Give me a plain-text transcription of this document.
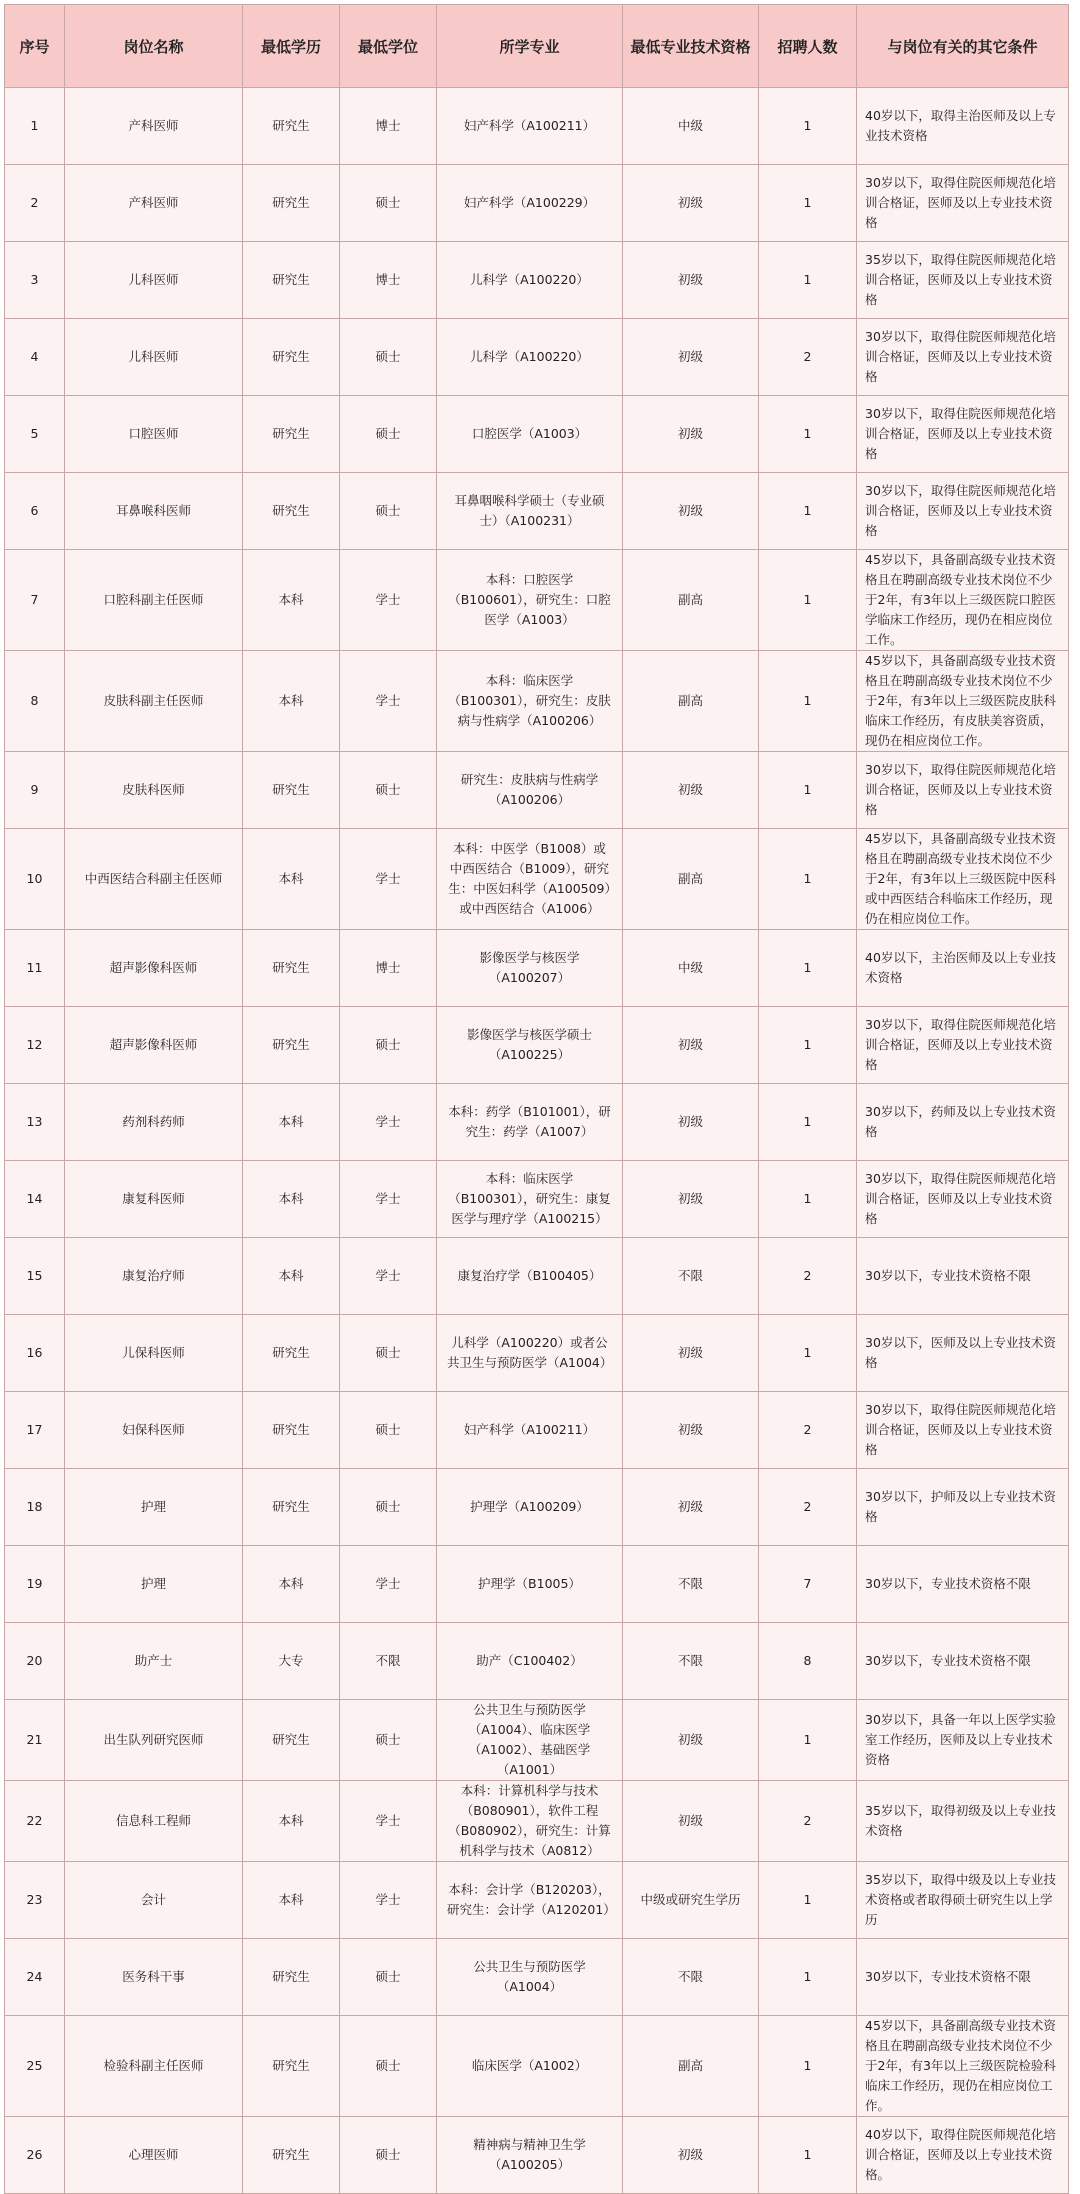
序号	岗位名称	最低学历	最低学位	所学专业	最低专业技术资格	招聘人数	与岗位有关的其它条件
1	产科医师	研究生	博士	妇产科学（A100211）	中级	1	40岁以下，取得主治医师及以上专业技术资格
2	产科医师	研究生	硕士	妇产科学（A100229）	初级	1	30岁以下，取得住院医师规范化培训合格证，医师及以上专业技术资格
3	儿科医师	研究生	博士	儿科学（A100220）	初级	1	35岁以下，取得住院医师规范化培训合格证，医师及以上专业技术资格
4	儿科医师	研究生	硕士	儿科学（A100220）	初级	2	30岁以下，取得住院医师规范化培训合格证，医师及以上专业技术资格
5	口腔医师	研究生	硕士	口腔医学（A1003）	初级	1	30岁以下，取得住院医师规范化培训合格证，医师及以上专业技术资格
6	耳鼻喉科医师	研究生	硕士	耳鼻咽喉科学硕士（专业硕士）（A100231）	初级	1	30岁以下，取得住院医师规范化培训合格证，医师及以上专业技术资格
7	口腔科副主任医师	本科	学士	本科：口腔医学（B100601），研究生：口腔医学（A1003）	副高	1	45岁以下，具备副高级专业技术资格且在聘副高级专业技术岗位不少于2年，有3年以上三级医院口腔医学临床工作经历，现仍在相应岗位工作。
8	皮肤科副主任医师	本科	学士	本科：临床医学（B100301），研究生：皮肤病与性病学（A100206）	副高	1	45岁以下，具备副高级专业技术资格且在聘副高级专业技术岗位不少于2年，有3年以上三级医院皮肤科临床工作经历，有皮肤美容资质，现仍在相应岗位工作。
9	皮肤科医师	研究生	硕士	研究生：皮肤病与性病学（A100206）	初级	1	30岁以下，取得住院医师规范化培训合格证，医师及以上专业技术资格
10	中西医结合科副主任医师	本科	学士	本科：中医学（B1008）或中西医结合（B1009），研究生：中医妇科学（A100509）或中西医结合（A1006）	副高	1	45岁以下，具备副高级专业技术资格且在聘副高级专业技术岗位不少于2年，有3年以上三级医院中医科或中西医结合科临床工作经历，现仍在相应岗位工作。
11	超声影像科医师	研究生	博士	影像医学与核医学（A100207）	中级	1	40岁以下，主治医师及以上专业技术资格
12	超声影像科医师	研究生	硕士	影像医学与核医学硕士（A100225）	初级	1	30岁以下，取得住院医师规范化培训合格证，医师及以上专业技术资格
13	药剂科药师	本科	学士	本科：药学（B101001），研究生：药学（A1007）	初级	1	30岁以下，药师及以上专业技术资格
14	康复科医师	本科	学士	本科：临床医学（B100301），研究生：康复医学与理疗学（A100215）	初级	1	30岁以下，取得住院医师规范化培训合格证，医师及以上专业技术资格
15	康复治疗师	本科	学士	康复治疗学（B100405）	不限	2	30岁以下，专业技术资格不限
16	儿保科医师	研究生	硕士	儿科学（A100220）或者公共卫生与预防医学（A1004）	初级	1	30岁以下，医师及以上专业技术资格
17	妇保科医师	研究生	硕士	妇产科学（A100211）	初级	2	30岁以下，取得住院医师规范化培训合格证，医师及以上专业技术资格
18	护理	研究生	硕士	护理学（A100209）	初级	2	30岁以下，护师及以上专业技术资格
19	护理	本科	学士	护理学（B1005）	不限	7	30岁以下，专业技术资格不限
20	助产士	大专	不限	助产（C100402）	不限	8	30岁以下，专业技术资格不限
21	出生队列研究医师	研究生	硕士	公共卫生与预防医学（A1004）、临床医学（A1002）、基础医学（A1001）	初级	1	30岁以下，具备一年以上医学实验室工作经历，医师及以上专业技术资格
22	信息科工程师	本科	学士	本科：计算机科学与技术（B080901），软件工程（B080902），研究生：计算机科学与技术（A0812）	初级	2	35岁以下，取得初级及以上专业技术资格
23	会计	本科	学士	本科：会计学（B120203），研究生：会计学（A120201）	中级或研究生学历	1	35岁以下，取得中级及以上专业技术资格或者取得硕士研究生以上学历
24	医务科干事	研究生	硕士	公共卫生与预防医学（A1004）	不限	1	30岁以下，专业技术资格不限
25	检验科副主任医师	研究生	硕士	临床医学（A1002）	副高	1	45岁以下，具备副高级专业技术资格且在聘副高级专业技术岗位不少于2年，有3年以上三级医院检验科临床工作经历，现仍在相应岗位工作。
26	心理医师	研究生	硕士	精神病与精神卫生学（A100205）	初级	1	40岁以下，取得住院医师规范化培训合格证，医师及以上专业技术资格。
